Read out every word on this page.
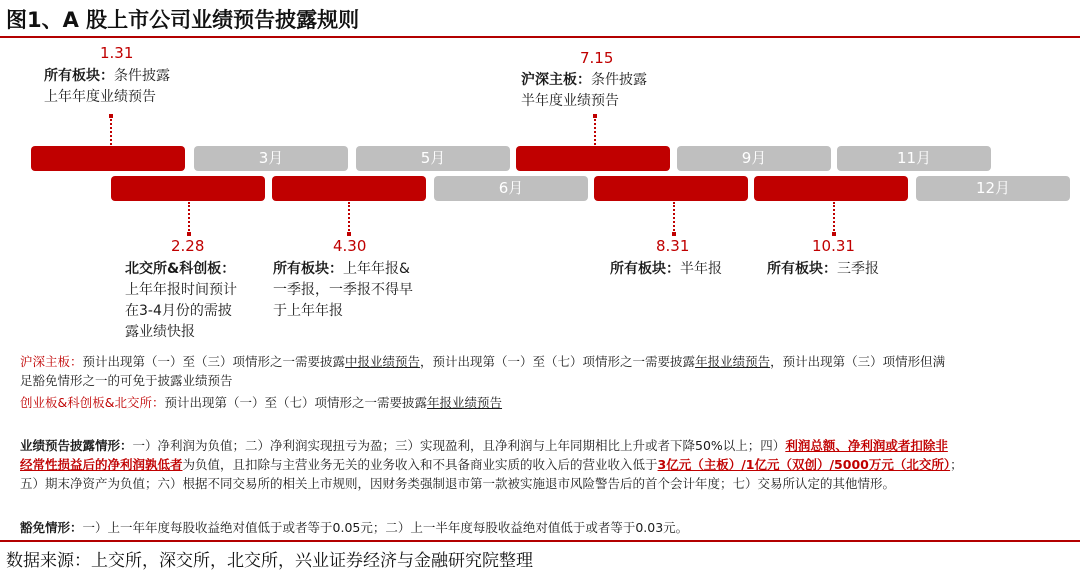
图1、A 股上市公司业绩预告披露规则
1月	3月	5月	7月	9月	11月
2月	4月	6月	8月	10月	12月
1.31
所有板块：条件披露
上年年度业绩预告
7.15
沪深主板：条件披露
半年度业绩预告
2.28
北交所&科创板：
上年年报时间预计
在3-4月份的需披
露业绩快报
4.30
所有板块：上年年报&
一季报，一季报不得早
于上年年报
8.31
所有板块：半年报
10.31
所有板块：三季报
沪深主板：预计出现第（一）至（三）项情形之一需要披露中报业绩预告，预计出现第（一）至（七）项情形之一需要披露年报业绩预告，预计出现第（三）项情形但满
足豁免情形之一的可免于披露业绩预告
创业板&科创板&北交所：预计出现第（一）至（七）项情形之一需要披露年报业绩预告
业绩预告披露情形：一）净利润为负值；二）净利润实现扭亏为盈；三）实现盈利，且净利润与上年同期相比上升或者下降50%以上；四）利润总额、净利润或者扣除非
经常性损益后的净利润孰低者为负值，且扣除与主营业务无关的业务收入和不具备商业实质的收入后的营业收入低于3亿元（主板）/1亿元（双创）/5000万元（北交所）；
五）期末净资产为负值；六）根据不同交易所的相关上市规则，因财务类强制退市第一款被实施退市风险警告后的首个会计年度；七）交易所认定的其他情形。
豁免情形：一）上一年年度每股收益绝对值低于或者等于0.05元；二）上一半年度每股收益绝对值低于或者等于0.03元。
数据来源：上交所，深交所，北交所，兴业证券经济与金融研究院整理
